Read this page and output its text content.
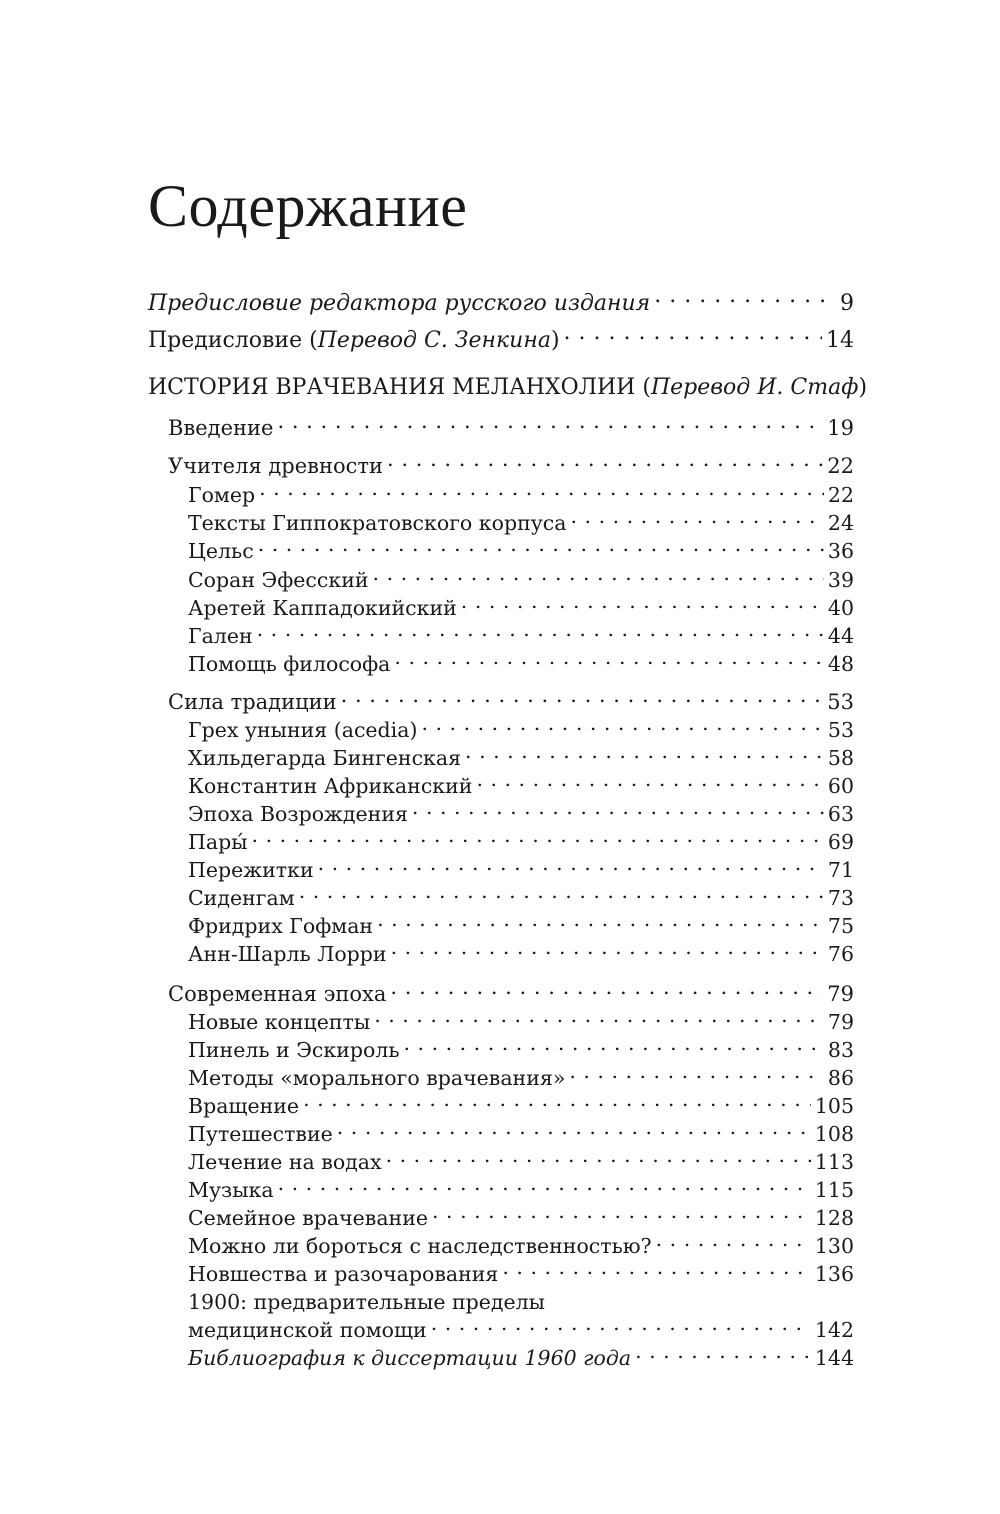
Содержание
Предисловие редактора русского издания . . .	9
Предисловие (Перевод С. Зенкина) . . .	14
ИСТОРИЯ ВРАЧЕВАНИЯ МЕЛАНХОЛИИ (Перевод И. Стаф)
Введение . . .	19
Учителя древности . . .	22
Гомер . . .	22
Тексты Гиппократовского корпуса . . .	24
Цельс . . .	36
Соран Эфесский . . .	39
Аретей Каппадокийский . . .	40
Гален . . .	44
Помощь философа . . .	48
Сила традиции . . .	53
Грех уныния (acedia) . . .	53
Хильдегарда Бингенская . . .	58
Константин Африканский . . .	60
Эпоха Возрождения . . .	63
Пары́ . . .	69
Пережитки . . .	71
Сиденгам . . .	73
Фридрих Гофман . . .	75
Анн-Шарль Лорри . . .	76
Современная эпоха . . .	79
Новые концепты . . .	79
Пинель и Эскироль . . .	83
Методы «морального врачевания» . . .	86
Вращение . . .	105
Путешествие . . .	108
Лечение на водах . . .	113
Музыка . . .	115
Семейное врачевание . . .	128
Можно ли бороться с наследственностью? . . .	130
Новшества и разочарования . . .	136
1900: предварительные пределы
медицинской помощи . . .	142
Библиография к диссертации 1960 года . . .	144
